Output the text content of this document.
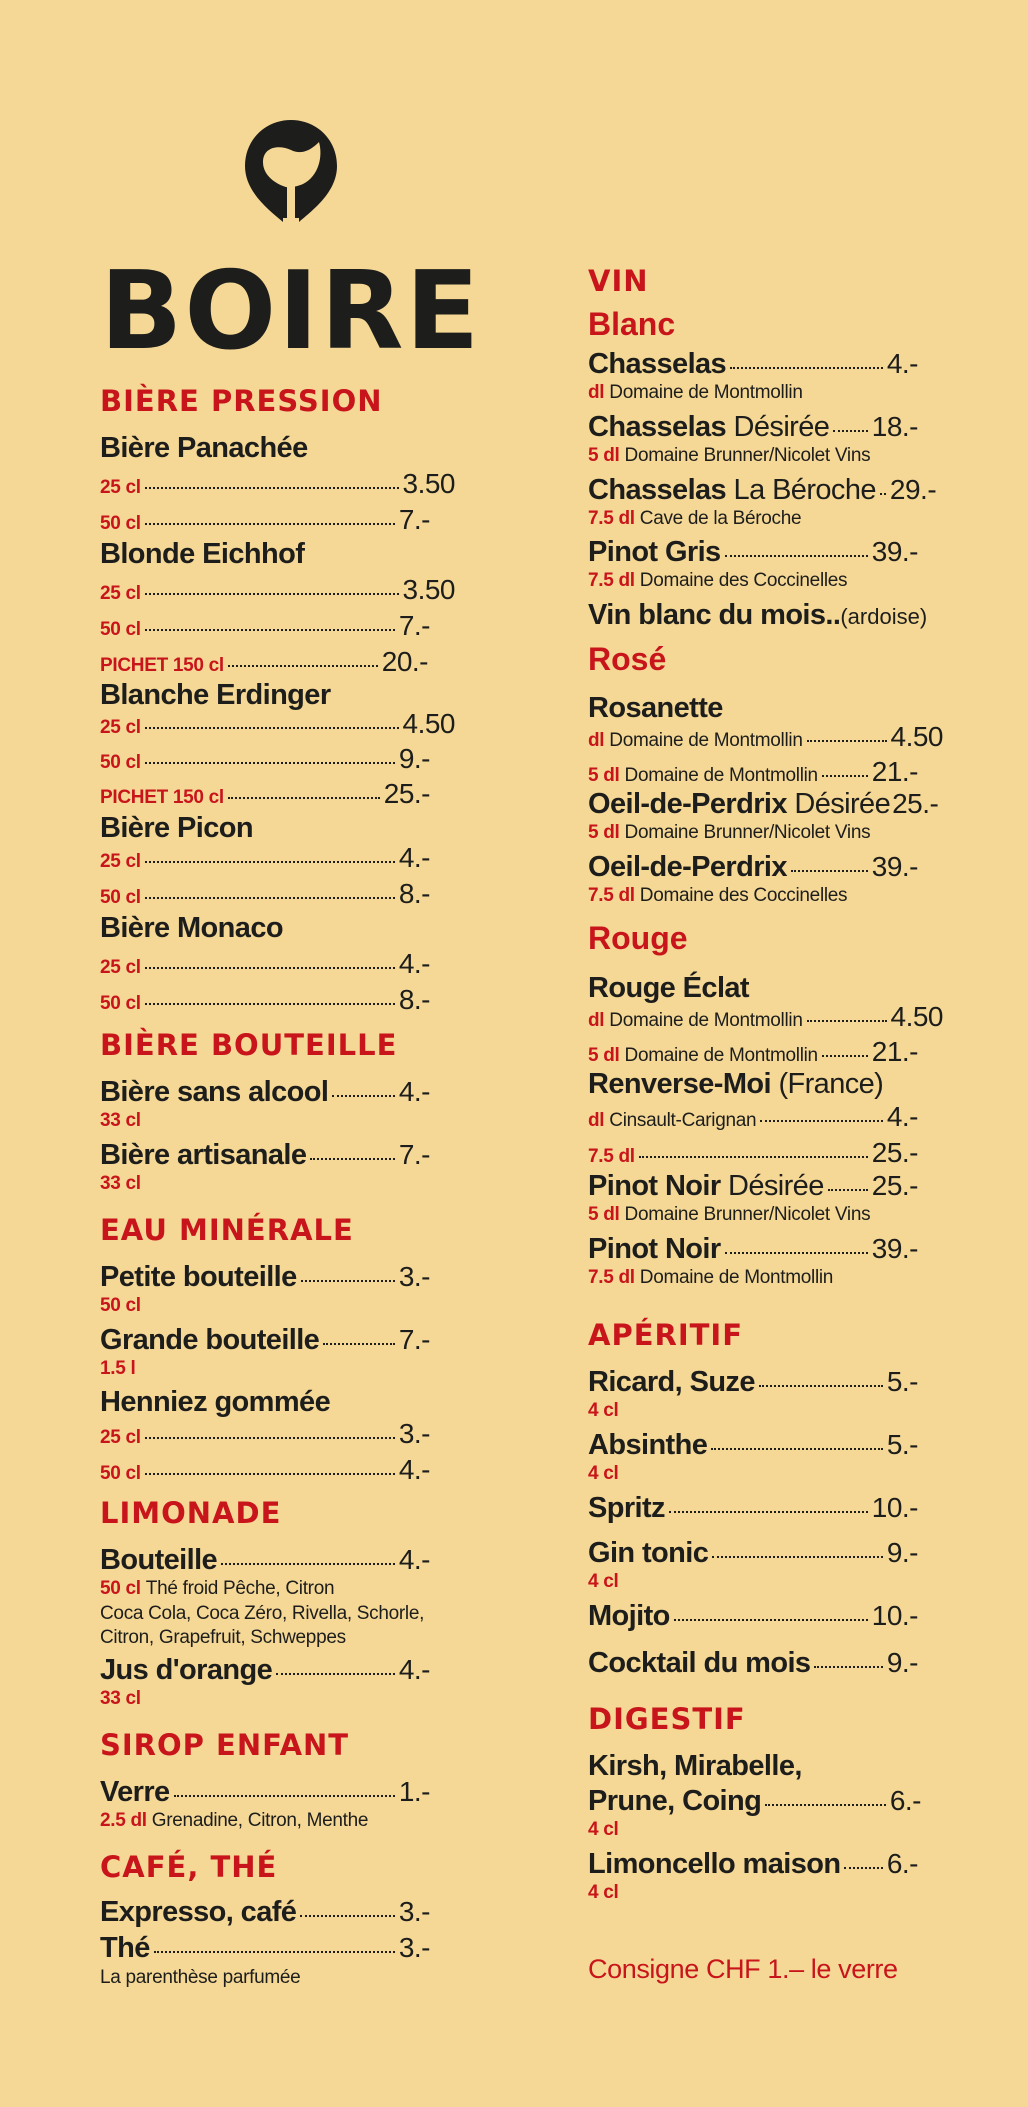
BOIRE
BIÈRE PRESSION
Bière Panachée
25 cl	3.50
50 cl	7.-
Blonde Eichhof
25 cl	3.50
50 cl	7.-
PICHET 150 cl	20.-
Blanche Erdinger
25 cl	4.50
50 cl	9.-
PICHET 150 cl	25.-
Bière Picon
25 cl	4.-
50 cl	8.-
Bière Monaco
25 cl	4.-
50 cl	8.-
BIÈRE BOUTEILLE
Bière sans alcool	4.-
33 cl
Bière artisanale	7.-
33 cl
EAU MINÉRALE
Petite bouteille	3.-
50 cl
Grande bouteille	7.-
1.5 l
Henniez gommée
25 cl	3.-
50 cl	4.-
LIMONADE
Bouteille	4.-
50 cl Thé froid Pêche, Citron
Coca Cola, Coca Zéro, Rivella, Schorle,
Citron, Grapefruit, Schweppes
Jus d'orange	4.-
33 cl
SIROP ENFANT
Verre	1.-
2.5 dl Grenadine, Citron, Menthe
CAFÉ, THÉ
Expresso, café	3.-
Thé	3.-
La parenthèse parfumée
VIN
Blanc
Chasselas	4.-
dl Domaine de Montmollin
Chasselas Désirée 18.-
5 dl Domaine Brunner/Nicolet Vins
Chasselas La Béroche 29.-
7.5 dl Cave de la Béroche
Pinot Gris	39.-
7.5 dl Domaine des Coccinelles
Vin blanc du mois .. (ardoise)
Rosé
Rosanette
dl Domaine de Montmollin	4.50
5 dl Domaine de Montmollin 21.-
Oeil-de-Perdrix Désirée 25.-
5 dl Domaine Brunner/Nicolet Vins
Oeil-de-Perdrix	39.-
7.5 dl Domaine des Coccinelles
Rouge
Rouge Éclat
dl Domaine de Montmollin	4.50
5 dl Domaine de Montmollin 21.-
Renverse-Moi (France)
dl Cinsault-Carignan	4.-
7.5 dl	25.-
Pinot Noir Désirée 25.-
5 dl Domaine Brunner/Nicolet Vins
Pinot Noir	39.-
7.5 dl Domaine de Montmollin
APÉRITIF
Ricard, Suze	5.-
4 cl
Absinthe	5.-
4 cl
Spritz	10.-
Gin tonic	9.-
4 cl
Mojito	10.-
Cocktail du mois	9.-
DIGESTIF
Kirsh, Mirabelle,
Prune, Coing	6.-
4 cl
Limoncello maison 6.-
4 cl
Consigne CHF 1.– le verre
